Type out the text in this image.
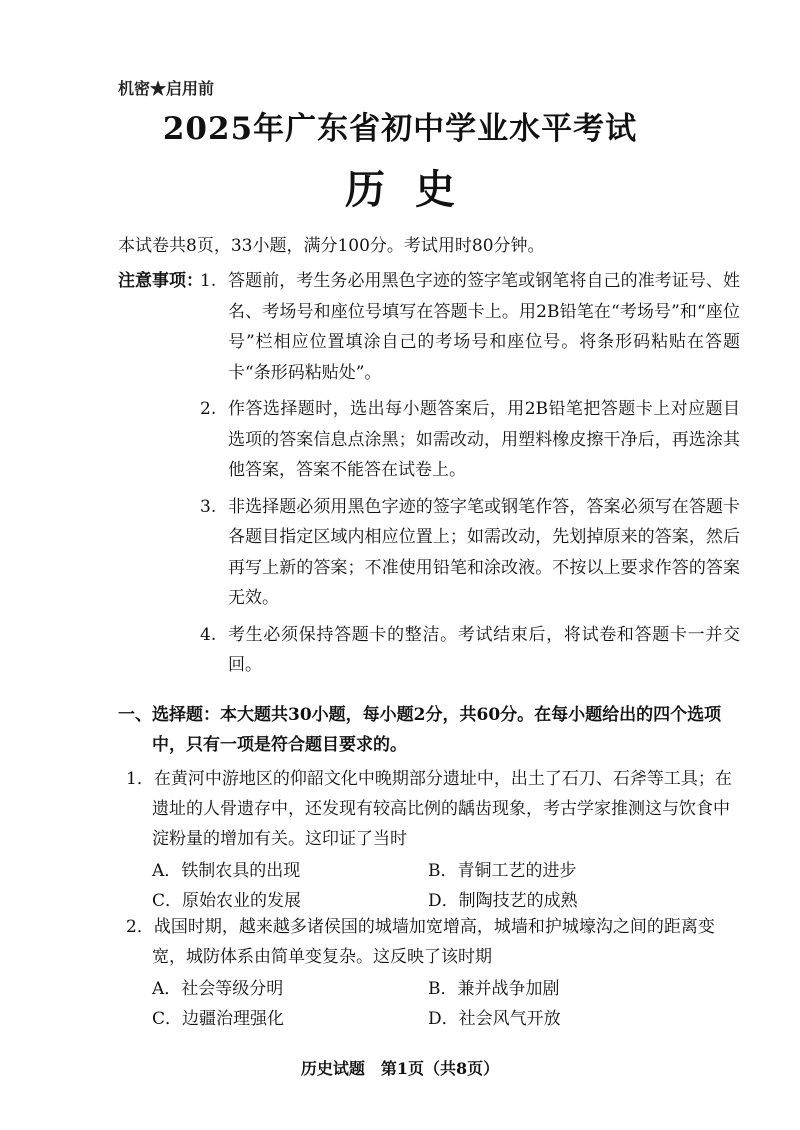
机密★启用前
2025年广东省初中学业水平考试
历史
本试卷共8页，33小题，满分100分。考试用时80分钟。
注意事项：
1. 答题前，考生务必用黑色字迹的签字笔或钢笔将自己的准考证号、姓名、考场号和座位号填写在答题卡上。用2B铅笔在“考场号”和“座位号”栏相应位置填涂自己的考场号和座位号。将条形码粘贴在答题卡“条形码粘贴处”。
2. 作答选择题时，选出每小题答案后，用2B铅笔把答题卡上对应题目选项的答案信息点涂黑；如需改动，用塑料橡皮擦干净后，再选涂其他答案，答案不能答在试卷上。
3. 非选择题必须用黑色字迹的签字笔或钢笔作答，答案必须写在答题卡各题目指定区域内相应位置上；如需改动，先划掉原来的答案，然后再写上新的答案；不准使用铅笔和涂改液。不按以上要求作答的答案无效。
4. 考生必须保持答题卡的整洁。考试结束后，将试卷和答题卡一并交回。
一、选择题：本大题共30小题，每小题2分，共60分。在每小题给出的四个选项中，只有一项是符合题目要求的。
1．在黄河中游地区的仰韶文化中晚期部分遗址中，出土了石刀、石斧等工具；在遗址的人骨遗存中，还发现有较高比例的龋齿现象，考古学家推测这与饮食中淀粉量的增加有关。这印证了当时
A．铁制农具的出现	B．青铜工艺的进步
C．原始农业的发展	D．制陶技艺的成熟
2．战国时期，越来越多诸侯国的城墙加宽增高，城墙和护城壕沟之间的距离变宽，城防体系由简单变复杂。这反映了该时期
A．社会等级分明	B．兼并战争加剧
C．边疆治理强化	D．社会风气开放
历史试题　第1页（共8页）
